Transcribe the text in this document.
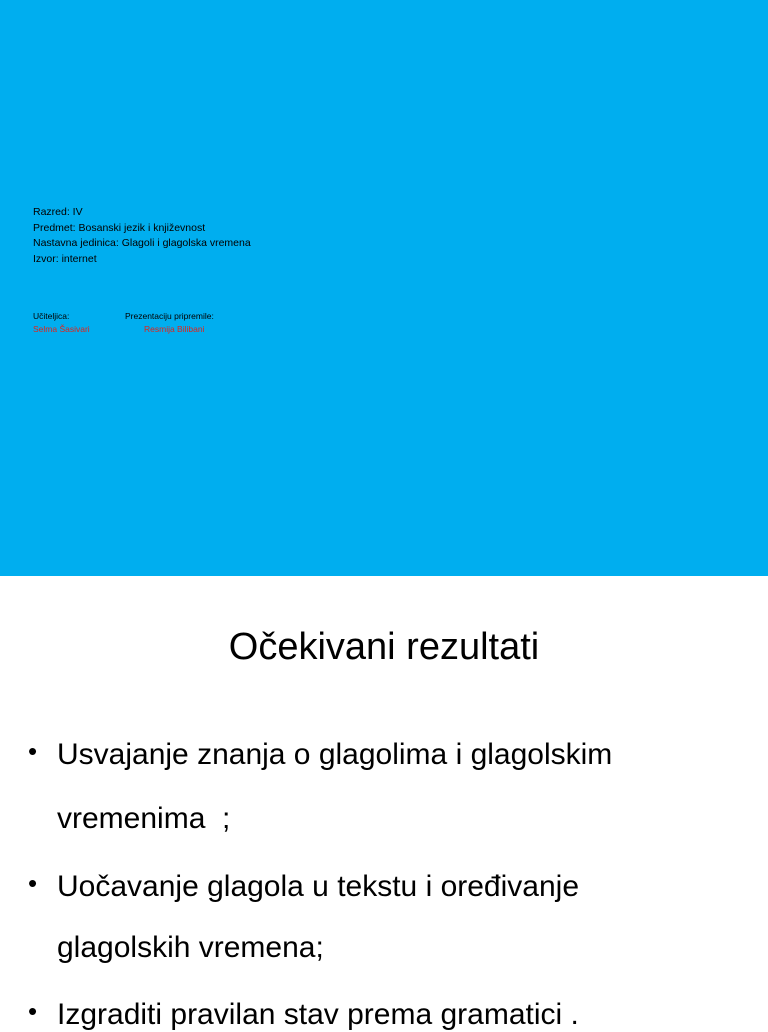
Razred: IV
Predmet: Bosanski jezik i književnost
Nastavna jedinica: Glagoli i glagolska vremena
Izvor: internet
Učiteljica:
Selma Šasivari
Prezentaciju pripremile:
Resmija Bilibani
Očekivani rezultati
• Usvajanje znanja o glagolima i glagolskim
vremenima  ;
• Uočavanje glagola u tekstu i oređivanje
glagolskih vremena;
• Izgraditi pravilan stav prema gramatici .
